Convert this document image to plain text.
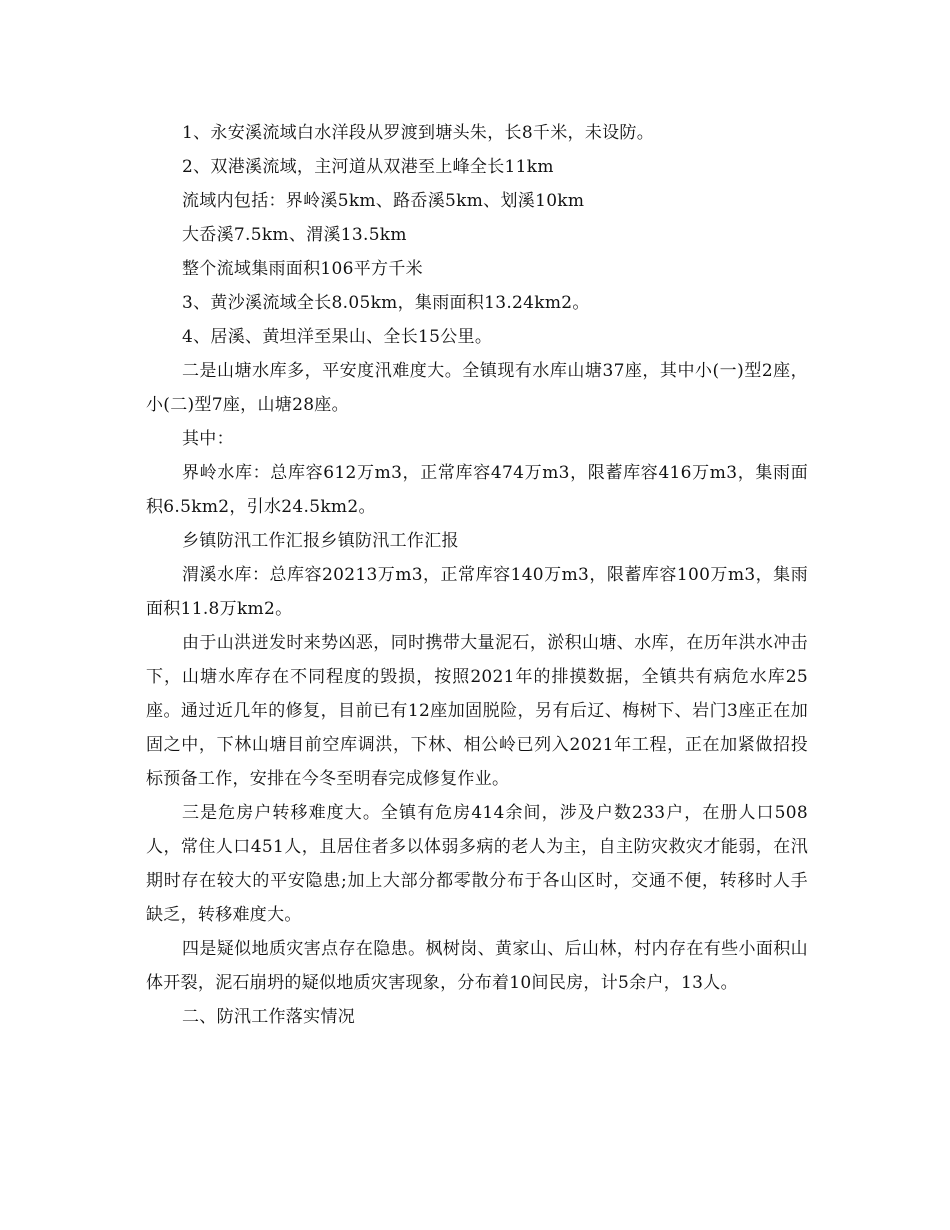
1、永安溪流域白水洋段从罗渡到塘头朱，长8千米，未设防。

2、双港溪流域，主河道从双港至上峰全长11km

流域内包括：界岭溪5km、路岙溪5km、划溪10km

大岙溪7.5km、渭溪13.5km

整个流域集雨面积106平方千米

3、黄沙溪流域全长8.05km，集雨面积13.24km2。

4、居溪、黄坦洋至果山、全长15公里。

二是山塘水库多，平安度汛难度大。全镇现有水库山塘37座，其中小(一)型2座，小(二)型7座，山塘28座。

其中：

界岭水库：总库容612万m3，正常库容474万m3，限蓄库容416万m3，集雨面积6.5km2，引水24.5km2。

乡镇防汛工作汇报乡镇防汛工作汇报

渭溪水库：总库容20213万m3，正常库容140万m3，限蓄库容100万m3，集雨面积11.8万km2。

由于山洪迸发时来势凶恶，同时携带大量泥石，淤积山塘、水库，在历年洪水冲击下，山塘水库存在不同程度的毁损，按照2021年的排摸数据，全镇共有病危水库25座。通过近几年的修复，目前已有12座加固脱险，另有后辽、梅树下、岩门3座正在加固之中，下林山塘目前空库调洪，下林、相公岭已列入2021年工程，正在加紧做招投标预备工作，安排在今冬至明春完成修复作业。

三是危房户转移难度大。全镇有危房414余间，涉及户数233户，在册人口508人，常住人口451人，且居住者多以体弱多病的老人为主，自主防灾救灾才能弱，在汛期时存在较大的平安隐患;加上大部分都零散分布于各山区时，交通不便，转移时人手缺乏，转移难度大。

四是疑似地质灾害点存在隐患。枫树岗、黄家山、后山林，村内存在有些小面积山体开裂，泥石崩坍的疑似地质灾害现象，分布着10间民房，计5余户，13人。

二、防汛工作落实情况
